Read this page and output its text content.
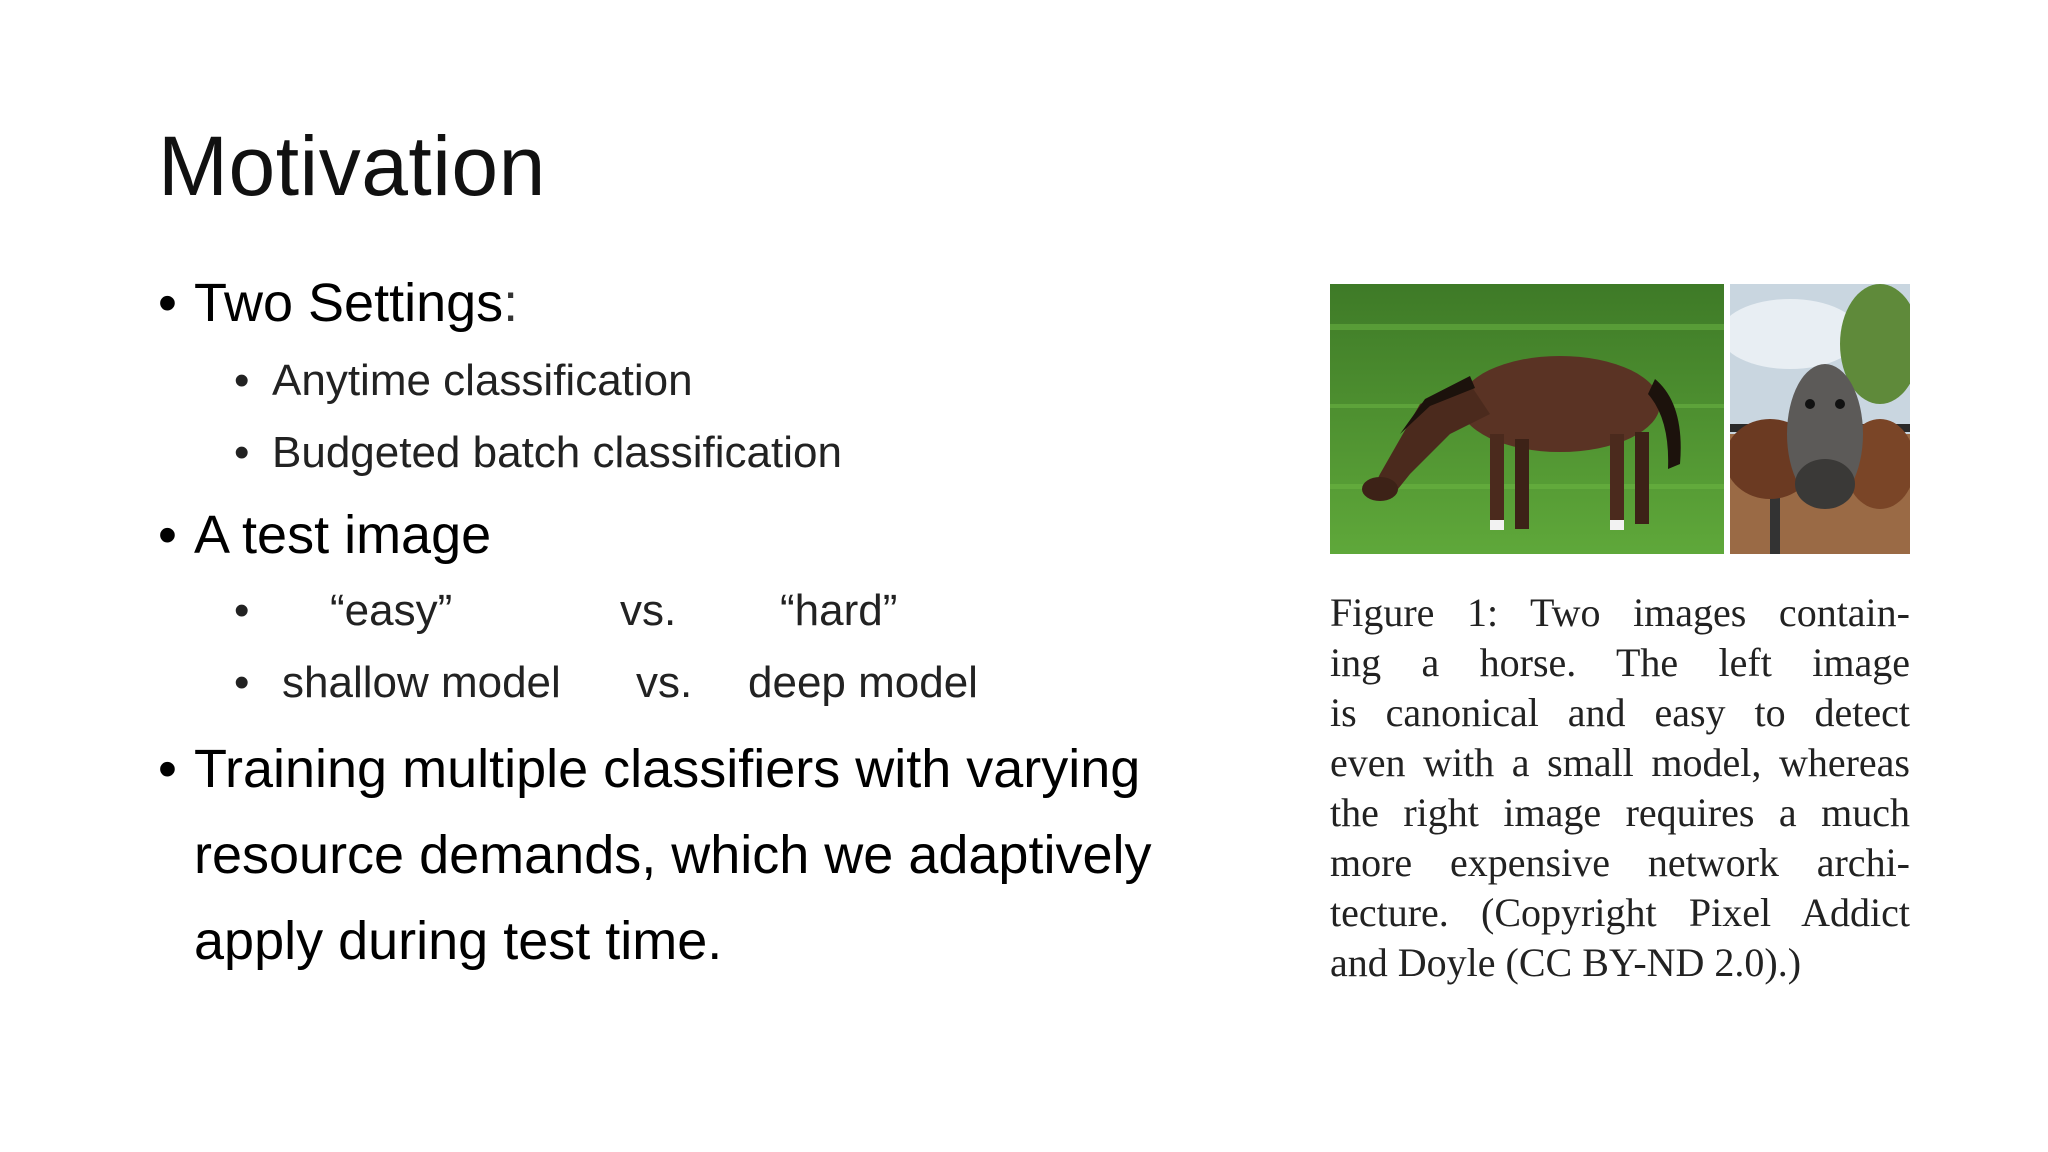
Motivation
• Two Settings:
• Anytime classification
• Budgeted batch classification
• A test image
• “easy”	vs. “hard”
• shallow model vs. deep model
• Training multiple classifiers with varying
resource demands, which we adaptively
apply during test time.
Figure 1: Two images contain-
ing a horse. The left image
is canonical and easy to detect
even with a small model, whereas
the right image requires a much
more expensive network archi-
tecture. (Copyright Pixel Addict
and Doyle (CC BY-ND 2.0).)
